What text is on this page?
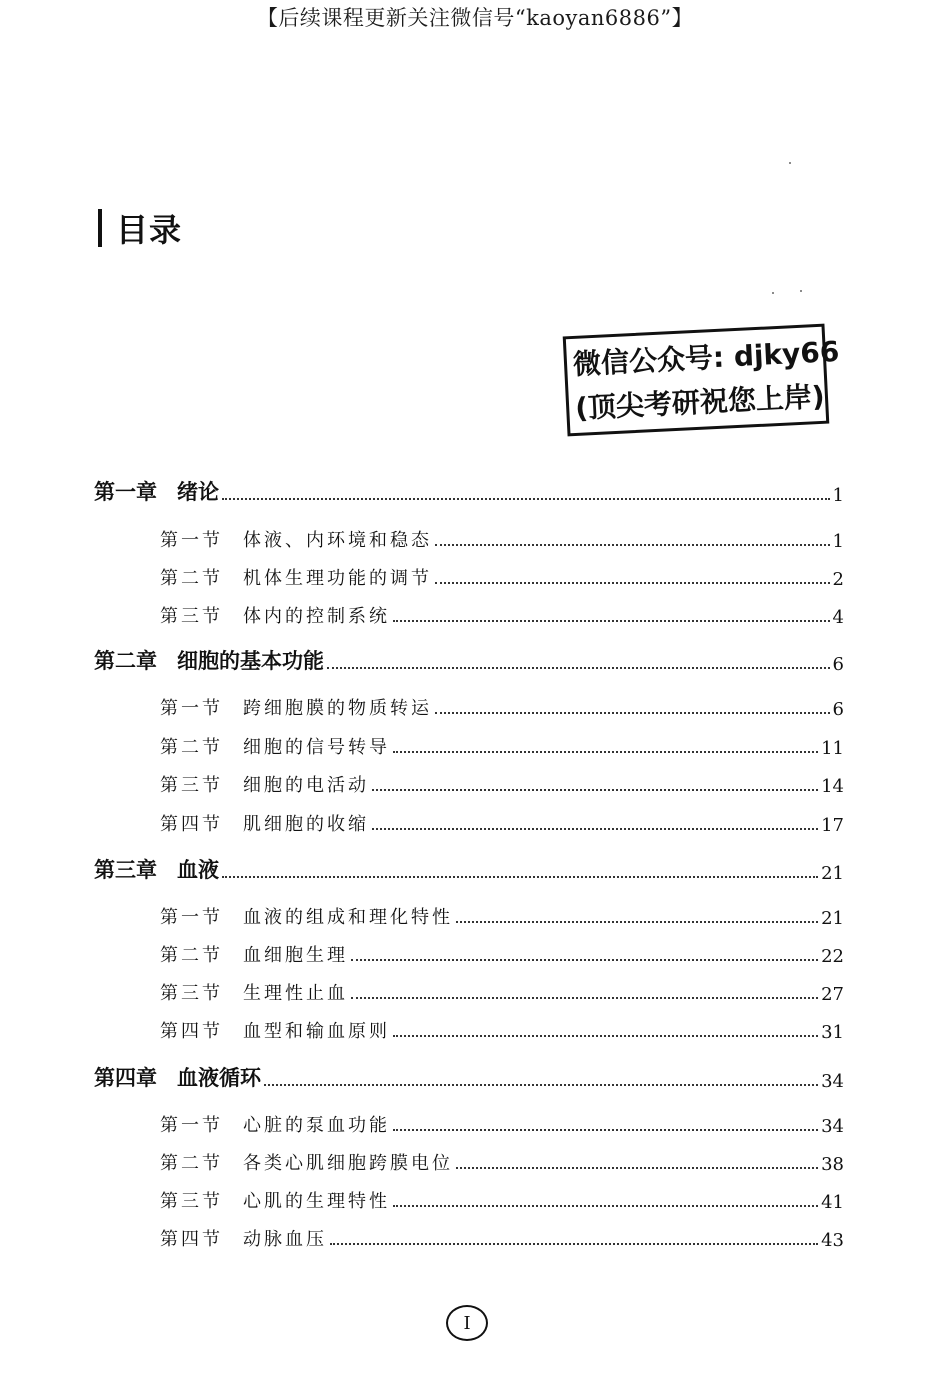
【后续课程更新关注微信号“kaoyan6886”】
目录
微信公众号: djky66
(顶尖考研祝您上岸)
第一章 绪论	1
第一节 体液、内环境和稳态	1
第二节 机体生理功能的调节	2
第三节 体内的控制系统	4
第二章 细胞的基本功能	6
第一节 跨细胞膜的物质转运	6
第二节 细胞的信号转导	11
第三节 细胞的电活动	14
第四节 肌细胞的收缩	17
第三章 血液	21
第一节 血液的组成和理化特性	21
第二节 血细胞生理	22
第三节 生理性止血	27
第四节 血型和输血原则	31
第四章 血液循环	34
第一节 心脏的泵血功能	34
第二节 各类心肌细胞跨膜电位	38
第三节 心肌的生理特性	41
第四节 动脉血压	43
I
